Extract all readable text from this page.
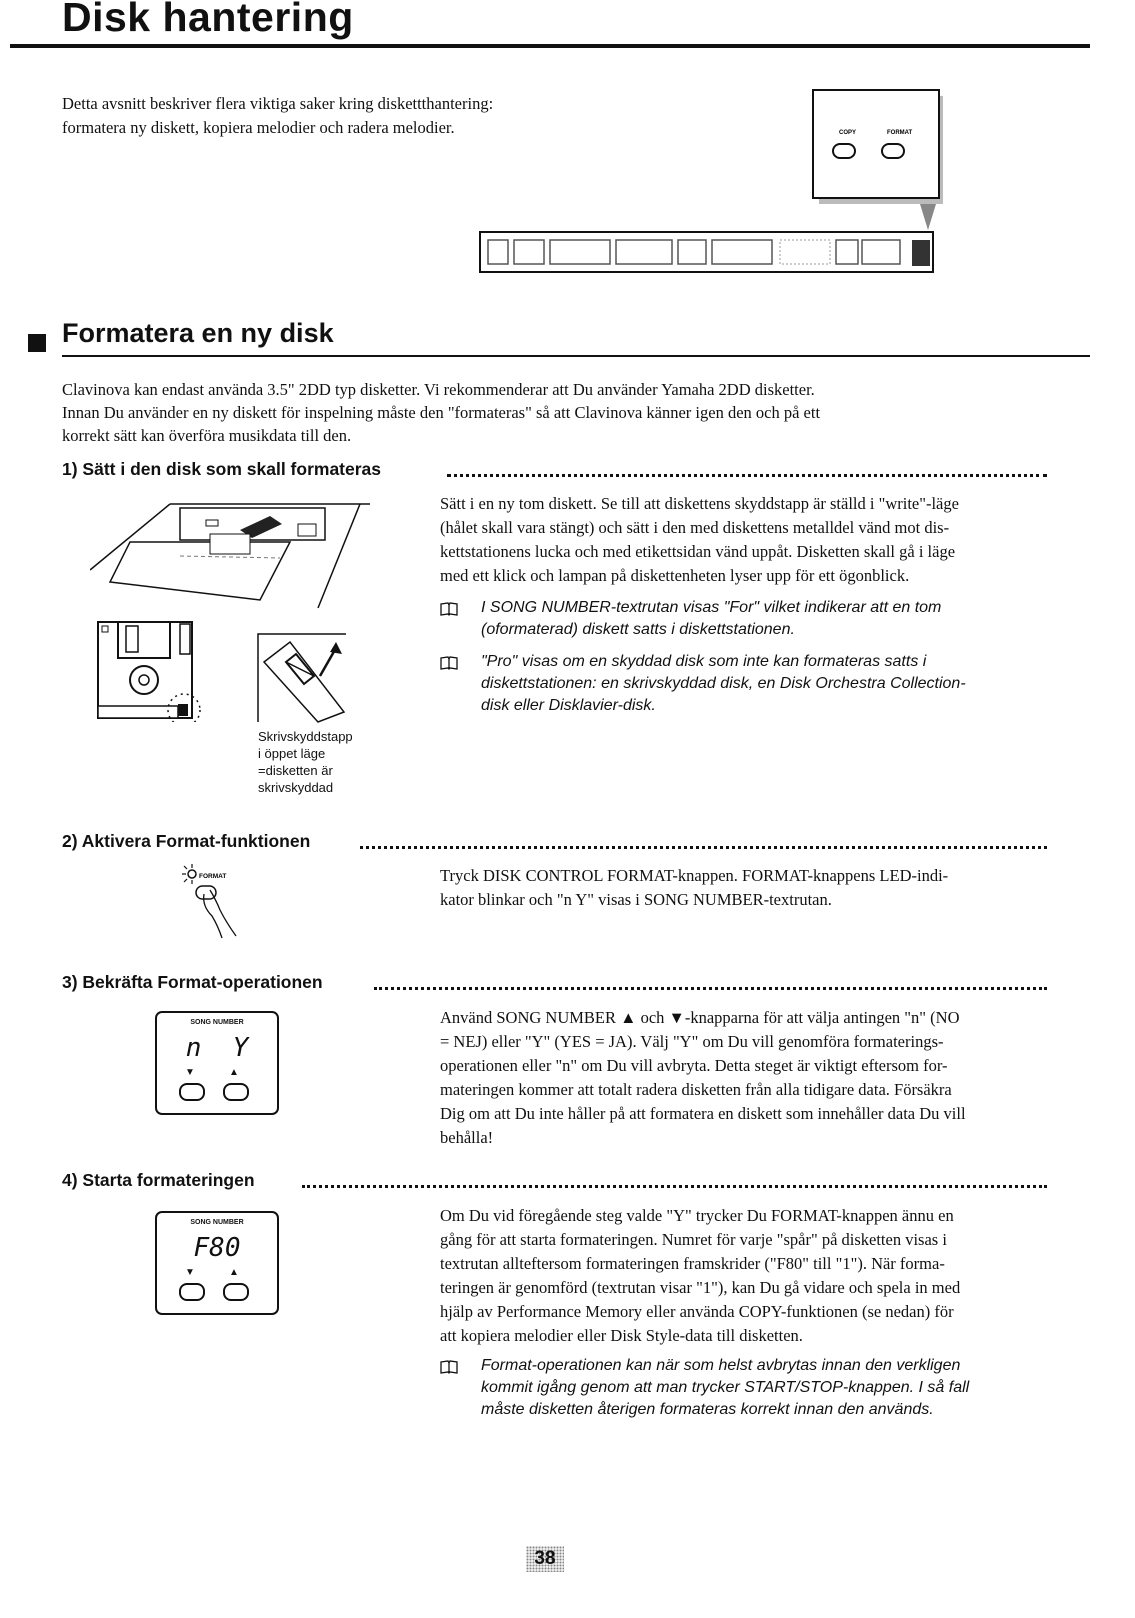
Disk hantering
Detta avsnitt beskriver flera viktiga saker kring diskettthantering:
formatera ny diskett, kopiera melodier och radera melodier.	COPY	FORMAT
Formatera en ny disk
Clavinova kan endast använda 3.5" 2DD typ disketter. Vi rekommenderar att Du använder Yamaha 2DD disketter.
Innan Du använder en ny diskett för inspelning måste den "formateras" så att Clavinova känner igen den och på ett
korrekt sätt kan överföra musikdata till den.
1) Sätt i den disk som skall formateras
Skrivskyddstapp
i öppet läge
=disketten är
skrivskyddad
Sätt i en ny tom diskett. Se till att diskettens skyddstapp är ställd i "write"-läge
(hålet skall vara stängt) och sätt i den med diskettens metalldel vänd mot dis-
kettstationens lucka och med etikettsidan vänd uppåt. Disketten skall gå i läge
med ett klick och lampan på diskettenheten lyser upp för ett ögonblick.
I SONG NUMBER-textrutan visas "For" vilket indikerar att en tom
(oformaterad) diskett satts i diskettstationen.
"Pro" visas om en skyddad disk som inte kan formateras satts i
diskettstationen: en skrivskyddad disk, en Disk Orchestra Collection-
disk eller Disklavier-disk.
2) Aktivera Format-funktionen
FORMAT	Tryck DISK CONTROL FORMAT-knappen. FORMAT-knappens LED-indi-
kator blinkar och "n Y" visas i SONG NUMBER-textrutan.
3) Bekräfta Format-operationen
SONG NUMBER
n  Y
▼	▲
Använd SONG NUMBER ▲ och ▼-knapparna för att välja antingen "n" (NO
= NEJ) eller "Y" (YES = JA). Välj "Y" om Du vill genomföra formaterings-
operationen eller "n" om Du vill avbryta. Detta steget är viktigt eftersom for-
materingen kommer att totalt radera disketten från alla tidigare data. Försäkra
Dig om att Du inte håller på att formatera en diskett som innehåller data Du vill
behålla!
4) Starta formateringen
SONG NUMBER
F80
▼	▲
Om Du vid föregående steg valde "Y" trycker Du FORMAT-knappen ännu en
gång för att starta formateringen. Numret för varje "spår" på disketten visas i
textrutan allteftersom formateringen framskrider ("F80" till "1"). När forma-
teringen är genomförd (textrutan visar "1"), kan Du gå vidare och spela in med
hjälp av Performance Memory eller använda COPY-funktionen (se nedan) för
att kopiera melodier eller Disk Style-data till disketten.
Format-operationen kan när som helst avbrytas innan den verkligen
kommit igång genom att man trycker START/STOP-knappen. I så fall
måste disketten återigen formateras korrekt innan den används.
38
